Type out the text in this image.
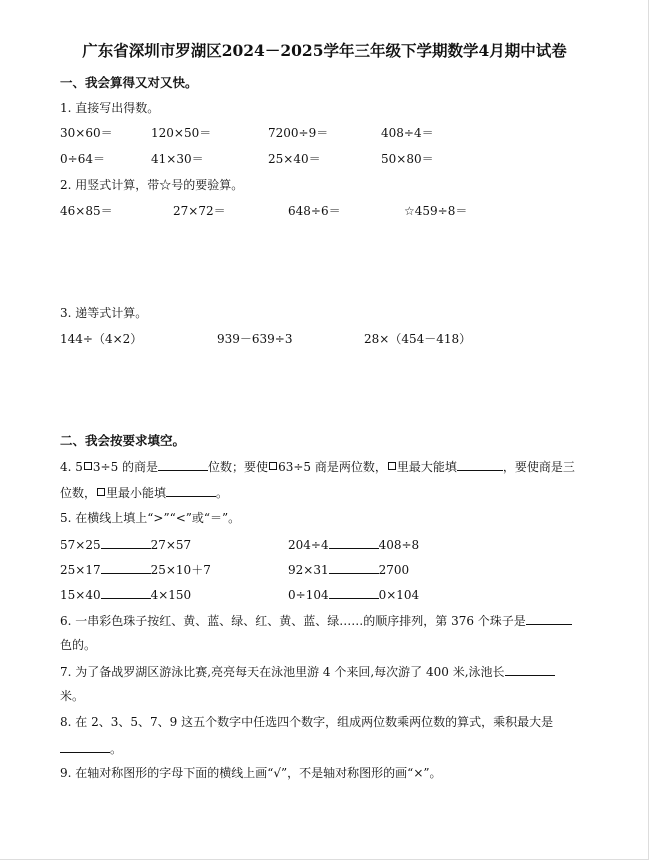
广东省深圳市罗湖区2024－2025学年三年级下学期数学4月期中试卷
一、我会算得又对又快。
1. 直接写出得数。
30×60＝	120×50＝	7200÷9＝	408÷4＝
0÷64＝	41×30＝	25×40＝	50×80＝
2. 用竖式计算，带☆号的要验算。
46×85＝	27×72＝	648÷6＝	☆459÷8＝
3. 递等式计算。
144÷（4×2）	939－639÷3	28×（454－418）
二、我会按要求填空。
4. 5 3÷5 的商是	位数；要使 63÷5 商是两位数， 里最大能填	，要使商是三
位数， 里最小能填	。
5. 在横线上填上“>”“<”或“＝”。
57×25	27×57	204÷4	408÷8
25×17	25×10＋7	92×31	2700
15×40	4×150	0÷104	0×104
6. 一串彩色珠子按红、黄、蓝、绿、红、黄、蓝、绿……的顺序排列，第 376 个珠子是
色的。
7. 为了备战罗湖区游泳比赛,亮亮每天在泳池里游 4 个来回,每次游了 400 米,泳池长
米。
8. 在 2、3、5、7、9 这五个数字中任选四个数字，组成两位数乘两位数的算式，乘积最大是
。
9. 在轴对称图形的字母下面的横线上画“√”，不是轴对称图形的画“×”。
